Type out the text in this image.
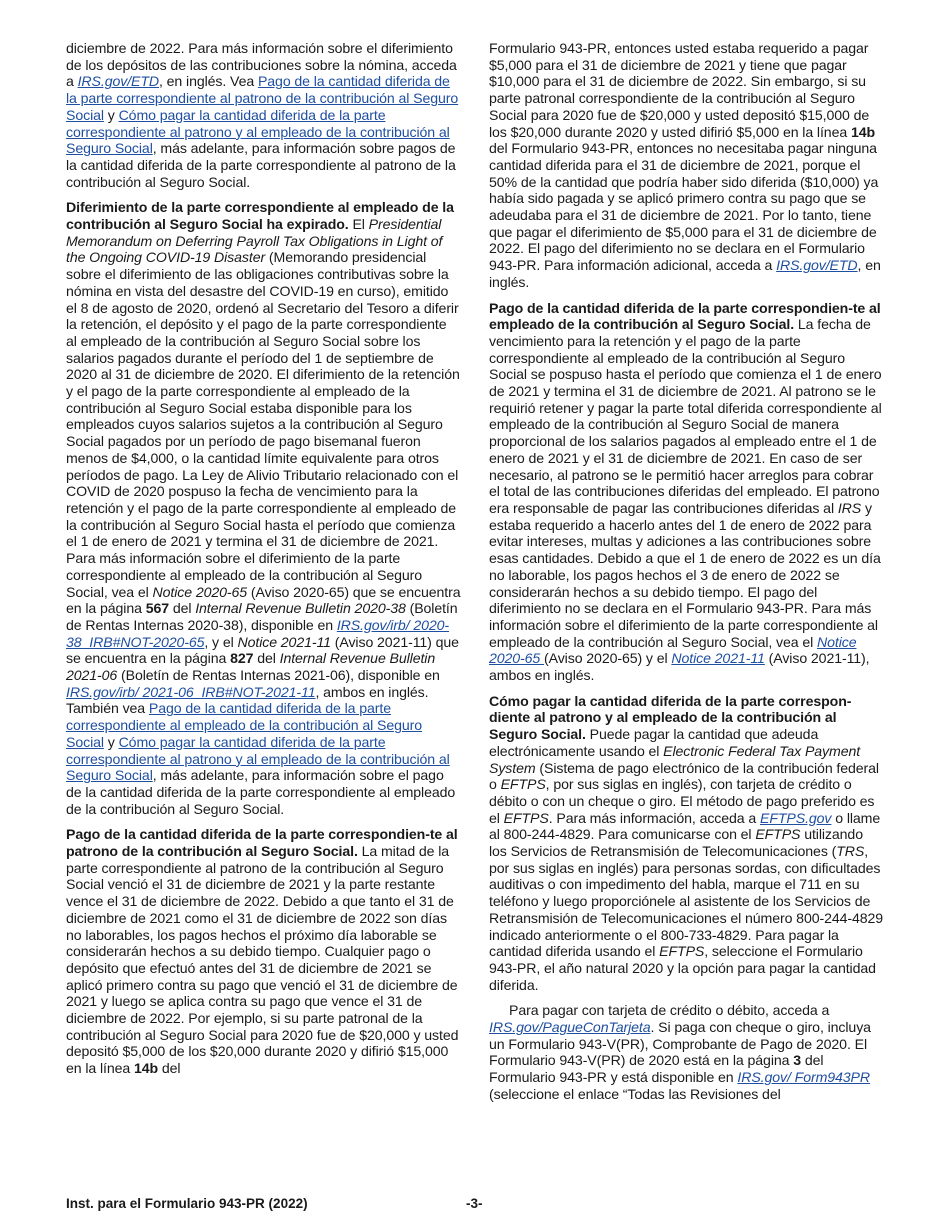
diciembre de 2022. Para más información sobre el diferimiento de los depósitos de las contribuciones sobre la nómina, acceda a IRS.gov/ETD, en inglés. Vea Pago de la cantidad diferida de la parte correspondiente al patrono de la contribución al Seguro Social y Cómo pagar la cantidad diferida de la parte correspondiente al patrono y al empleado de la contribución al Seguro Social, más adelante, para información sobre pagos de la cantidad diferida de la parte correspondiente al patrono de la contribución al Seguro Social.

Diferimiento de la parte correspondiente al empleado de la contribución al Seguro Social ha expirado. El Presidential Memorandum on Deferring Payroll Tax Obligations in Light of the Ongoing COVID-19 Disaster (Memorando presidencial sobre el diferimiento de las obligaciones contributivas sobre la nómina en vista del desastre del COVID-19 en curso), emitido el 8 de agosto de 2020, ordenó al Secretario del Tesoro a diferir la retención, el depósito y el pago de la parte correspondiente al empleado de la contribución al Seguro Social sobre los salarios pagados durante el período del 1 de septiembre de 2020 al 31 de diciembre de 2020. El diferimiento de la retención y el pago de la parte correspondiente al empleado de la contribución al Seguro Social estaba disponible para los empleados cuyos salarios sujetos a la contribución al Seguro Social pagados por un período de pago bisemanal fueron menos de $4,000, o la cantidad límite equivalente para otros períodos de pago. La Ley de Alivio Tributario relacionado con el COVID de 2020 pospuso la fecha de vencimiento para la retención y el pago de la parte correspondiente al empleado de la contribución al Seguro Social hasta el período que comienza el 1 de enero de 2021 y termina el 31 de diciembre de 2021. Para más información sobre el diferimiento de la parte correspondiente al empleado de la contribución al Seguro Social, vea el Notice 2020-65 (Aviso 2020-65) que se encuentra en la página 567 del Internal Revenue Bulletin 2020-38 (Boletín de Rentas Internas 2020-38), disponible en IRS.gov/irb/ 2020-38_IRB#NOT-2020-65, y el Notice 2021-11 (Aviso 2021-11) que se encuentra en la página 827 del Internal Revenue Bulletin 2021-06 (Boletín de Rentas Internas 2021-06), disponible en IRS.gov/irb/ 2021-06_IRB#NOT-2021-11, ambos en inglés. También vea Pago de la cantidad diferida de la parte correspondiente al empleado de la contribución al Seguro Social y Cómo pagar la cantidad diferida de la parte correspondiente al patrono y al empleado de la contribución al Seguro Social, más adelante, para información sobre el pago de la cantidad diferida de la parte correspondiente al empleado de la contribución al Seguro Social.

Pago de la cantidad diferida de la parte correspondien-te al patrono de la contribución al Seguro Social. La mitad de la parte correspondiente al patrono de la contribución al Seguro Social venció el 31 de diciembre de 2021 y la parte restante vence el 31 de diciembre de 2022. Debido a que tanto el 31 de diciembre de 2021 como el 31 de diciembre de 2022 son días no laborables, los pagos hechos el próximo día laborable se considerarán hechos a su debido tiempo. Cualquier pago o depósito que efectuó antes del 31 de diciembre de 2021 se aplicó primero contra su pago que venció el 31 de diciembre de 2021 y luego se aplica contra su pago que vence el 31 de diciembre de 2022. Por ejemplo, si su parte patronal de la contribución al Seguro Social para 2020 fue de $20,000 y usted depositó $5,000 de los $20,000 durante 2020 y difirió $15,000 en la línea 14b del

Formulario 943-PR, entonces usted estaba requerido a pagar $5,000 para el 31 de diciembre de 2021 y tiene que pagar $10,000 para el 31 de diciembre de 2022. Sin embargo, si su parte patronal correspondiente de la contribución al Seguro Social para 2020 fue de $20,000 y usted depositó $15,000 de los $20,000 durante 2020 y usted difirió $5,000 en la línea 14b del Formulario 943-PR, entonces no necesitaba pagar ninguna cantidad diferida para el 31 de diciembre de 2021, porque el 50% de la cantidad que podría haber sido diferida ($10,000) ya había sido pagada y se aplicó primero contra su pago que se adeudaba para el 31 de diciembre de 2021. Por lo tanto, tiene que pagar el diferimiento de $5,000 para el 31 de diciembre de 2022. El pago del diferimiento no se declara en el Formulario 943-PR. Para información adicional, acceda a IRS.gov/ETD, en inglés.

Pago de la cantidad diferida de la parte correspondien-te al empleado de la contribución al Seguro Social. La fecha de vencimiento para la retención y el pago de la parte correspondiente al empleado de la contribución al Seguro Social se pospuso hasta el período que comienza el 1 de enero de 2021 y termina el 31 de diciembre de 2021. Al patrono se le requirió retener y pagar la parte total diferida correspondiente al empleado de la contribución al Seguro Social de manera proporcional de los salarios pagados al empleado entre el 1 de enero de 2021 y el 31 de diciembre de 2021. En caso de ser necesario, al patrono se le permitió hacer arreglos para cobrar el total de las contribuciones diferidas del empleado. El patrono era responsable de pagar las contribuciones diferidas al IRS y estaba requerido a hacerlo antes del 1 de enero de 2022 para evitar intereses, multas y adiciones a las contribuciones sobre esas cantidades. Debido a que el 1 de enero de 2022 es un día no laborable, los pagos hechos el 3 de enero de 2022 se considerarán hechos a su debido tiempo. El pago del diferimiento no se declara en el Formulario 943-PR. Para más información sobre el diferimiento de la parte correspondiente al empleado de la contribución al Seguro Social, vea el Notice 2020-65 (Aviso 2020-65) y el Notice 2021-11 (Aviso 2021-11), ambos en inglés.

Cómo pagar la cantidad diferida de la parte correspon-diente al patrono y al empleado de la contribución al Seguro Social. Puede pagar la cantidad que adeuda electrónicamente usando el Electronic Federal Tax Payment System (Sistema de pago electrónico de la contribución federal o EFTPS, por sus siglas en inglés), con tarjeta de crédito o débito o con un cheque o giro. El método de pago preferido es el EFTPS. Para más información, acceda a EFTPS.gov o llame al 800-244-4829. Para comunicarse con el EFTPS utilizando los Servicios de Retransmisión de Telecomunicaciones (TRS, por sus siglas en inglés) para personas sordas, con dificultades auditivas o con impedimento del habla, marque el 711 en su teléfono y luego proporciónele al asistente de los Servicios de Retransmisión de Telecomunicaciones el número 800-244-4829 indicado anteriormente o el 800-733-4829. Para pagar la cantidad diferida usando el EFTPS, seleccione el Formulario 943-PR, el año natural 2020 y la opción para pagar la cantidad diferida.

Para pagar con tarjeta de crédito o débito, acceda a IRS.gov/PagueConTarjeta. Si paga con cheque o giro, incluya un Formulario 943-V(PR), Comprobante de Pago de 2020. El Formulario 943-V(PR) de 2020 está en la página 3 del Formulario 943-PR y está disponible en IRS.gov/ Form943PR (seleccione el enlace “Todas las Revisiones del

Inst. para el Formulario 943-PR (2022)	-3-
